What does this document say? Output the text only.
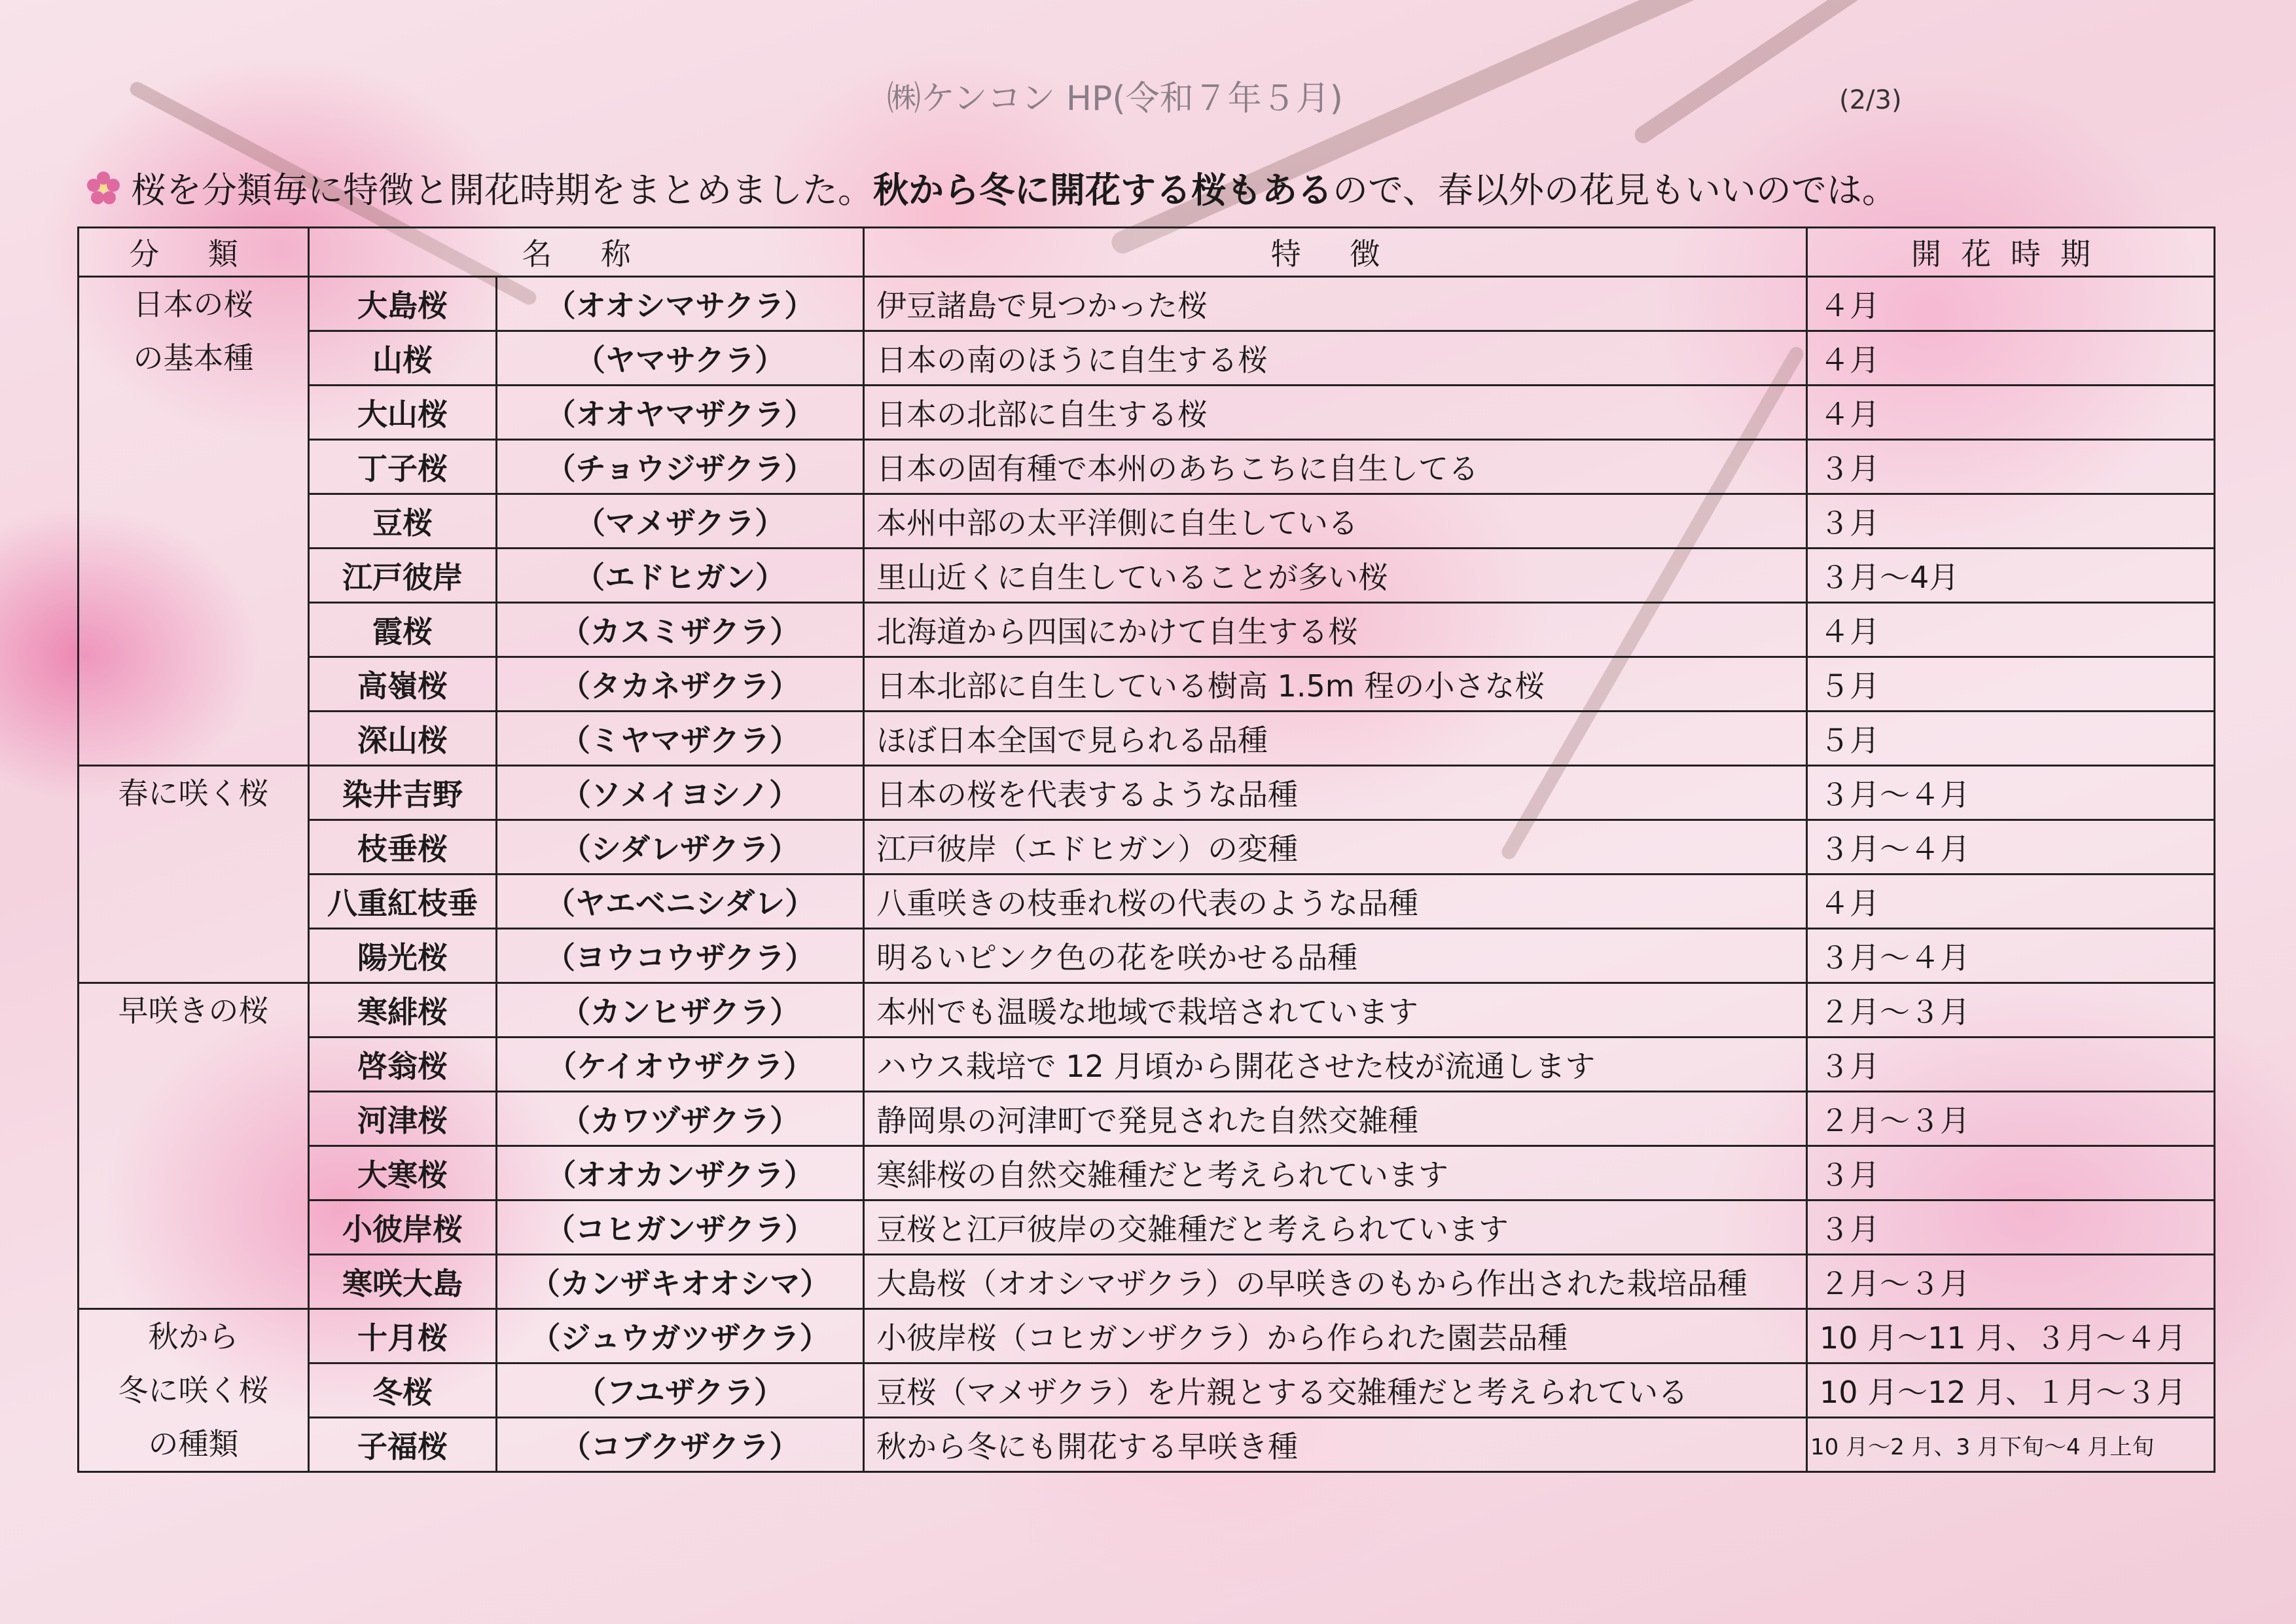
㈱ケンコン HP(令和７年５月)	(2/3)
桜を分類毎に特徴と開花時期をまとめました。秋から冬に開花する桜もあるので、春以外の花見もいいのでは。
分 類	名 称		特 徴	開花時期

日本の桜
の基本種	大島桜	（オオシマサクラ）	伊豆諸島で見つかった桜	４月
	山桜	（ヤマサクラ）	日本の南のほうに自生する桜	４月
	大山桜	（オオヤマザクラ）	日本の北部に自生する桜	４月
	丁子桜	（チョウジザクラ）	日本の固有種で本州のあちこちに自生してる	３月
	豆桜	（マメザクラ）	本州中部の太平洋側に自生している	３月
	江戸彼岸	（エドヒガン）	里山近くに自生していることが多い桜	３月～4月
	霞桜	（カスミザクラ）	北海道から四国にかけて自生する桜	４月
	高嶺桜	（タカネザクラ）	日本北部に自生している樹高 1.5m 程の小さな桜	５月
	深山桜	（ミヤマザクラ）	ほぼ日本全国で見られる品種	５月

春に咲く桜	染井吉野	（ソメイヨシノ）	日本の桜を代表するような品種	３月～４月
	枝垂桜	（シダレザクラ）	江戸彼岸（エドヒガン）の変種	３月～４月
	八重紅枝垂	（ヤエベニシダレ）	八重咲きの枝垂れ桜の代表のような品種	４月
	陽光桜	（ヨウコウザクラ）	明るいピンク色の花を咲かせる品種	３月～４月

早咲きの桜	寒緋桜	（カンヒザクラ）	本州でも温暖な地域で栽培されています	２月～３月
	啓翁桜	（ケイオウザクラ）	ハウス栽培で 12 月頃から開花させた枝が流通します	３月
	河津桜	（カワヅザクラ）	静岡県の河津町で発見された自然交雑種	２月～３月
	大寒桜	（オオカンザクラ）	寒緋桜の自然交雑種だと考えられています	３月
	小彼岸桜	（コヒガンザクラ）	豆桜と江戸彼岸の交雑種だと考えられています	３月
	寒咲大島	（カンザキオオシマ）	大島桜（オオシマザクラ）の早咲きのもから作出された栽培品種	２月～３月

秋から
冬に咲く桜
の種類	十月桜	（ジュウガツザクラ）	小彼岸桜（コヒガンザクラ）から作られた園芸品種	10 月～11 月、３月～４月
	冬桜	（フユザクラ）	豆桜（マメザクラ）を片親とする交雑種だと考えられている	10 月～12 月、１月～３月
	子福桜	（コブクザクラ）	秋から冬にも開花する早咲き種	10 月～2 月、3 月下旬～4 月上旬
